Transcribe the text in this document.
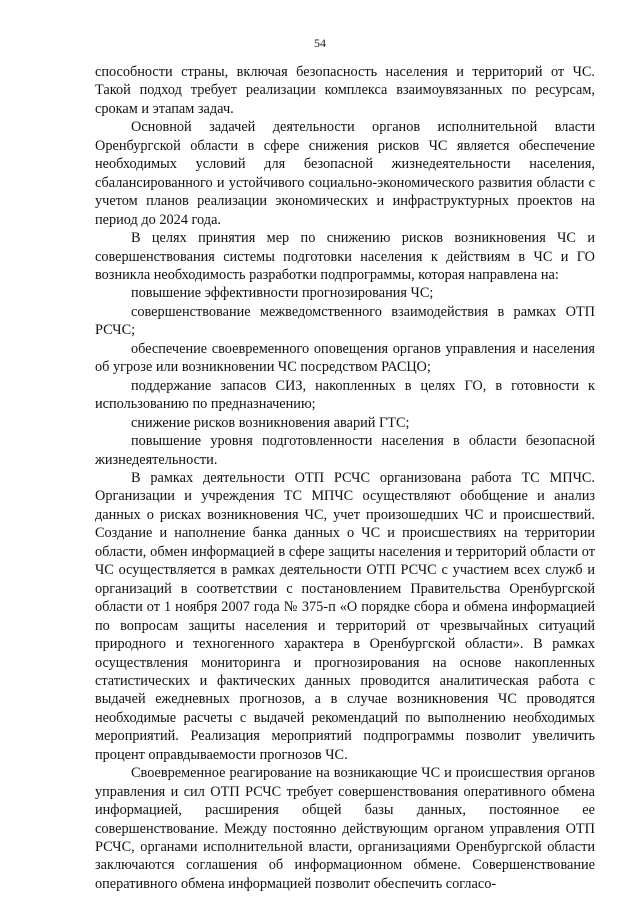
54

способности страны, включая безопасность населения и территорий от ЧС. Такой подход требует реализации комплекса взаимоувязанных по ресурсам, срокам и этапам задач.

Основной задачей деятельности органов исполнительной власти Оренбургской области в сфере снижения рисков ЧС является обеспечение необходимых условий для безопасной жизнедеятельности населения, сбалансированного и устойчивого социально-экономического развития области с учетом планов реализации экономических и инфраструктурных проектов на период до 2024 года.

В целях принятия мер по снижению рисков возникновения ЧС и совершенствования системы подготовки населения к действиям в ЧС и ГО возникла необходимость разработки подпрограммы, которая направлена на:

повышение эффективности прогнозирования ЧС;

совершенствование межведомственного взаимодействия в рамках ОТП РСЧС;

обеспечение своевременного оповещения органов управления и населения об угрозе или возникновении ЧС посредством РАСЦО;

поддержание запасов СИЗ, накопленных в целях ГО, в готовности к использованию по предназначению;

снижение рисков возникновения аварий ГТС;

повышение уровня подготовленности населения в области безопасной жизнедеятельности.

В рамках деятельности ОТП РСЧС организована работа ТС МПЧС. Организации и учреждения ТС МПЧС осуществляют обобщение и анализ данных о рисках возникновения ЧС, учет произошедших ЧС и происшествий. Создание и наполнение банка данных о ЧС и происшествиях на территории области, обмен информацией в сфере защиты населения и территорий области от ЧС осуществляется в рамках деятельности ОТП РСЧС с участием всех служб и организаций в соответствии с постановлением Правительства Оренбургской области от 1 ноября 2007 года № 375-п «О порядке сбора и обмена информацией по вопросам защиты населения и территорий от чрезвычайных ситуаций природного и техногенного характера в Оренбургской области». В рамках осуществления мониторинга и прогнозирования на основе накопленных статистических и фактических данных проводится аналитическая работа с выдачей ежедневных прогнозов, а в случае возникновения ЧС проводятся необходимые расчеты с выдачей рекомендаций по выполнению необходимых мероприятий. Реализация мероприятий подпрограммы позволит увеличить процент оправдываемости прогнозов ЧС.

Своевременное реагирование на возникающие ЧС и происшествия органов управления и сил ОТП РСЧС требует совершенствования оперативного обмена информацией, расширения общей базы данных, постоянное ее совершенствование. Между постоянно действующим органом управления ОТП РСЧС, органами исполнительной власти, организациями Оренбургской области заключаются соглашения об информационном обмене. Совершенствование оперативного обмена информацией позволит обеспечить согласо-
